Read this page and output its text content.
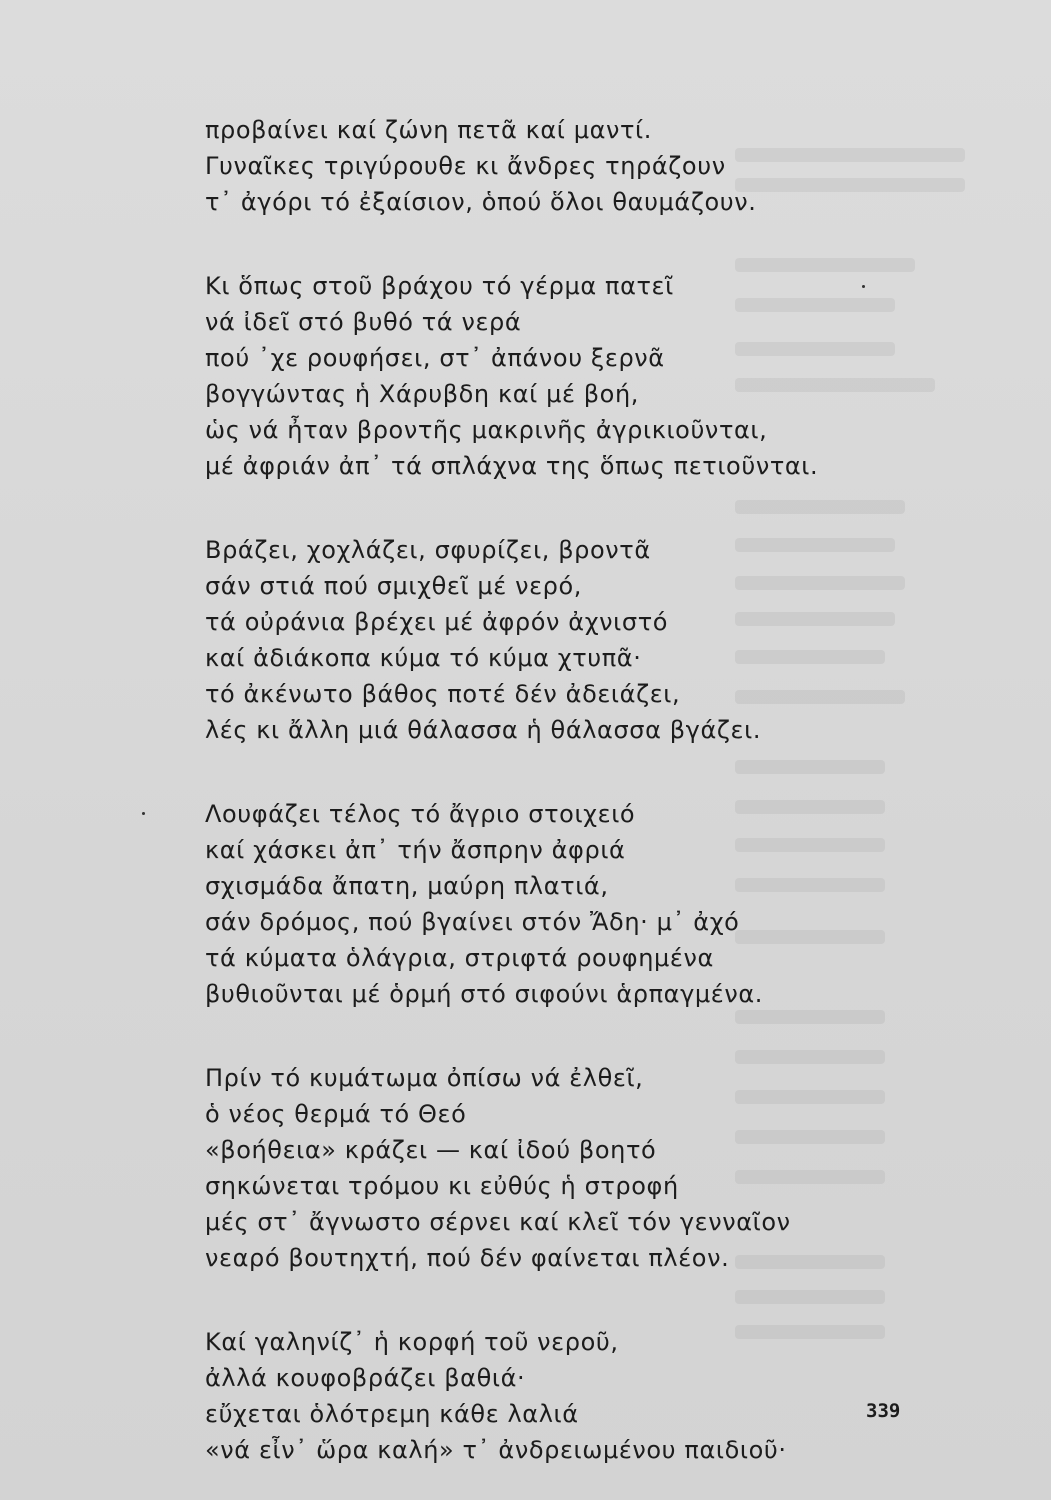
προβαίνει καί ζώνη πετᾶ καί μαντί.
Γυναῖκες τριγύρουθε κι ἄνδρες τηράζουν
τ᾽ ἀγόρι τό ἐξαίσιον, ὁπού ὅλοι θαυμάζουν.
Κι ὅπως στοῦ βράχου τό γέρμα πατεῖ
νά ἰδεῖ στό βυθό τά νερά
πού ᾽χε ρουφήσει, στ᾽ ἀπάνου ξερνᾶ
βογγώντας ἡ Χάρυβδη καί μέ βοή,
ὡς νά ἦταν βροντῆς μακρινῆς ἀγρικιοῦνται,
μέ ἀφριάν ἀπ᾽ τά σπλάχνα της ὅπως πετιοῦνται.
Βράζει, χοχλάζει, σφυρίζει, βροντᾶ
σάν στιά πού σμιχθεῖ μέ νερό,
τά οὐράνια βρέχει μέ ἀφρόν ἀχνιστό
καί ἀδιάκοπα κύμα τό κύμα χτυπᾶ·
τό ἀκένωτο βάθος ποτέ δέν ἀδειάζει,
λές κι ἄλλη μιά θάλασσα ἡ θάλασσα βγάζει.
Λουφάζει τέλος τό ἄγριο στοιχειό
καί χάσκει ἀπ᾽ τήν ἄσπρην ἀφριά
σχισμάδα ἄπατη, μαύρη πλατιά,
σάν δρόμος, πού βγαίνει στόν Ἄδη· μ᾽ ἀχό
τά κύματα ὁλάγρια, στριφτά ρουφημένα
βυθιοῦνται μέ ὁρμή στό σιφούνι ἁρπαγμένα.
Πρίν τό κυμάτωμα ὀπίσω νά ἐλθεῖ,
ὁ νέος θερμά τό Θεό
«βοήθεια» κράζει — καί ἰδού βοητό
σηκώνεται τρόμου κι εὐθύς ἡ στροφή
μές στ᾽ ἄγνωστο σέρνει καί κλεῖ τόν γενναῖον
νεαρό βουτηχτή, πού δέν φαίνεται πλέον.
Καί γαληνίζ᾽ ἡ κορφή τοῦ νεροῦ,
ἀλλά κουφοβράζει βαθιά·
εὔχεται ὁλότρεμη κάθε λαλιά
«νά εἶν᾽ ὥρα καλή» τ᾽ ἀνδρειωμένου παιδιοῦ·
339
